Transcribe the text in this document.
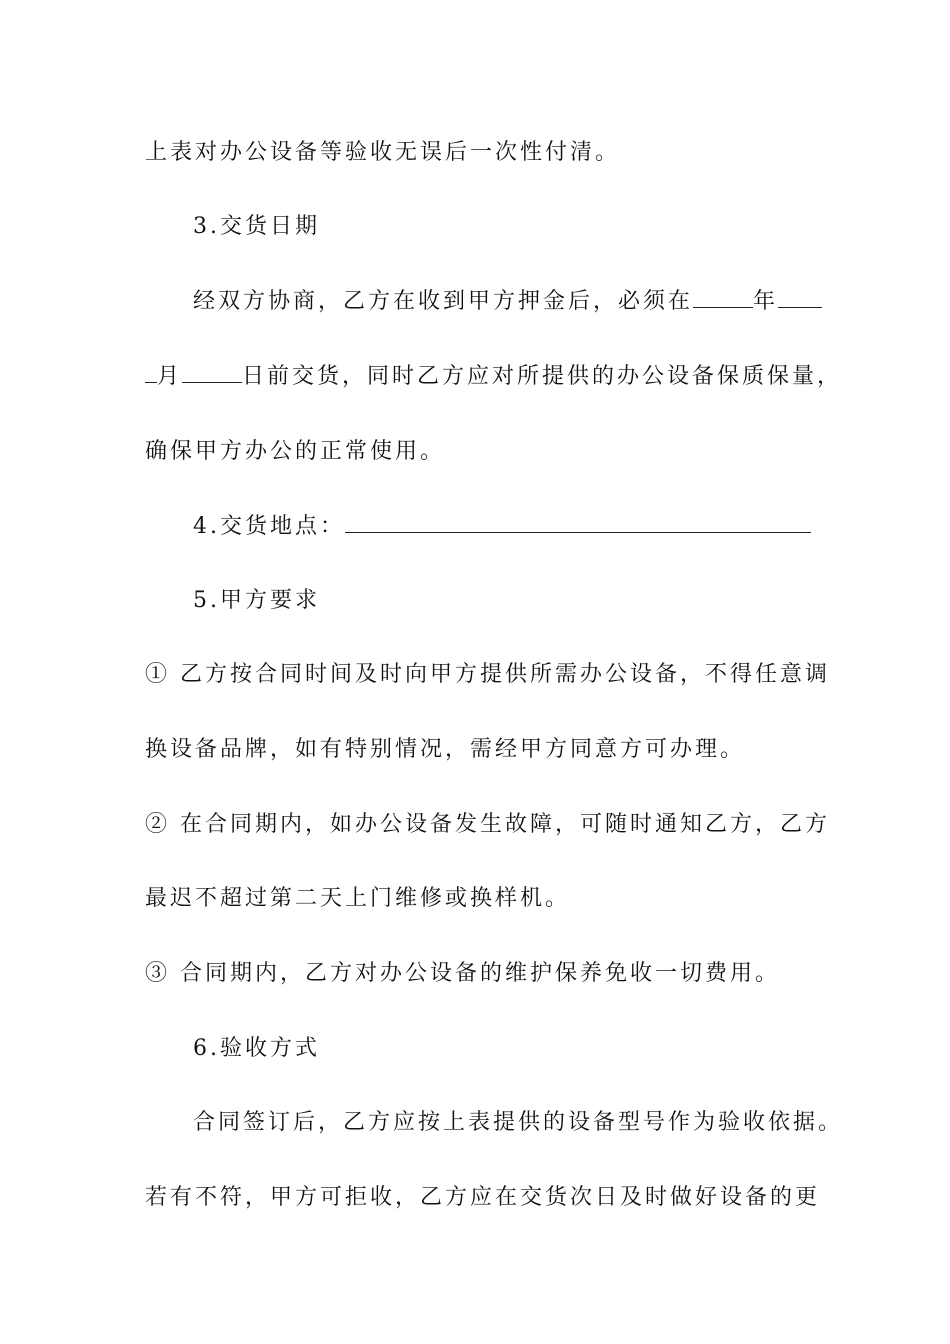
上表对办公设备等验收无误后一次性付清。

3.交货日期

经双方协商，乙方在收到甲方押金后，必须在	年

月	日前交货，同时乙方应对所提供的办公设备保质保量，

确保甲方办公的正常使用。

4.交货地点：

5.甲方要求

① 乙方按合同时间及时向甲方提供所需办公设备，不得任意调

换设备品牌，如有特别情况，需经甲方同意方可办理。

② 在合同期内，如办公设备发生故障，可随时通知乙方，乙方

最迟不超过第二天上门维修或换样机。

③ 合同期内，乙方对办公设备的维护保养免收一切费用。

6.验收方式

合同签订后，乙方应按上表提供的设备型号作为验收依据。

若有不符，甲方可拒收，乙方应在交货次日及时做好设备的更
